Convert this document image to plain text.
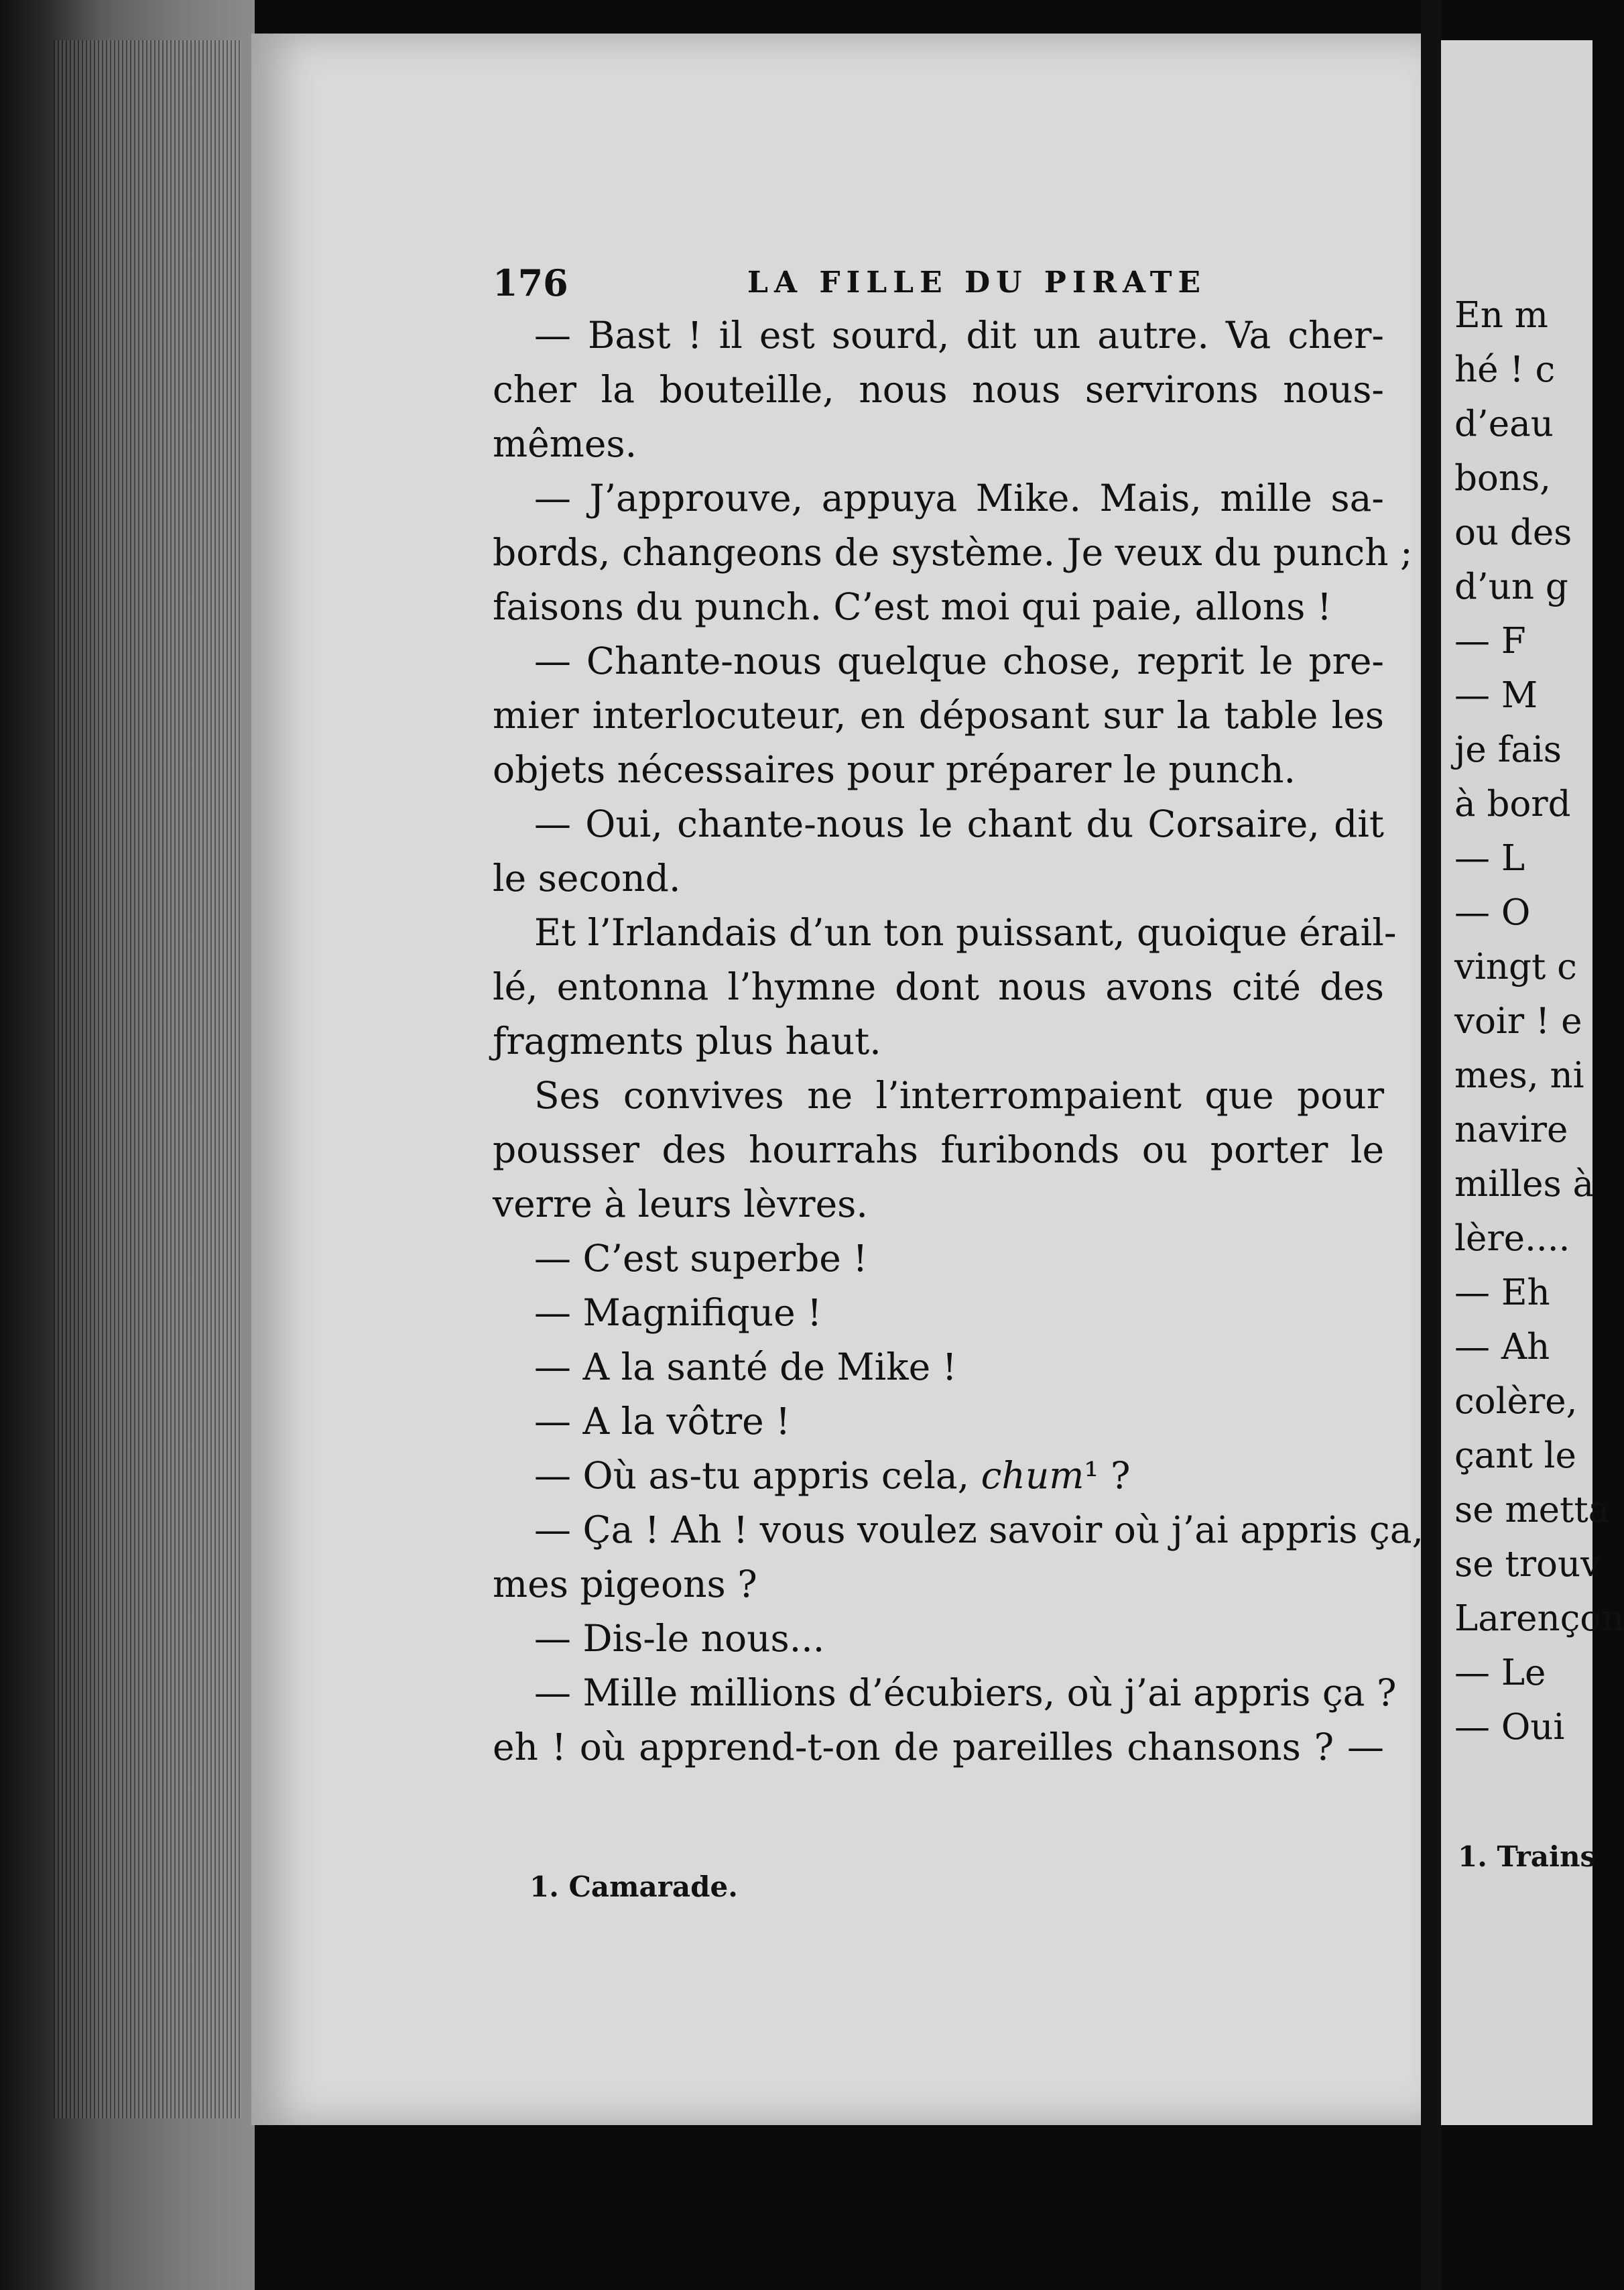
176	LA FILLE DU PIRATE
— Bast ! il est sourd, dit un autre. Va cher-
cher la bouteille, nous nous servirons nous-
mêmes.
— J’approuve, appuya Mike. Mais, mille sa-
bords, changeons de système. Je veux du punch ;
faisons du punch. C’est moi qui paie, allons !
— Chante-nous quelque chose, reprit le pre-
mier interlocuteur, en déposant sur la table les
objets nécessaires pour préparer le punch.
— Oui, chante-nous le chant du Corsaire, dit
le second.
Et l’Irlandais d’un ton puissant, quoique érail-
lé, entonna l’hymne dont nous avons cité des
ƒragments plus haut.
Ses convives ne l’interrompaient que pour
pousser des hourrahs furibonds ou porter le
verre à leurs lèvres.
— C’est superbe !
— Magnifique !
— A la santé de Mike !
— A la vôtre !
— Où as-tu appris cela, chum¹ ?
— Ça ! Ah ! vous voulez savoir où j’ai appris ça,
mes pigeons ?
— Dis-le nous...
— Mille millions d’écubiers, où j’ai appris ça ?
eh ! où apprend-t-on de pareilles chansons ? —
1. Camarade.
En m
hé ! c
d’eau
bons,
ou des
d’un g
— F
— M
je fais
à bord
— L
— O
vingt c
voir ! e
mes, ni
navire
milles à
lère....
— Eh
— Ah
colère,
çant le
se metta
se trouv
Larençon
— Le
— Oui
1. Trains
